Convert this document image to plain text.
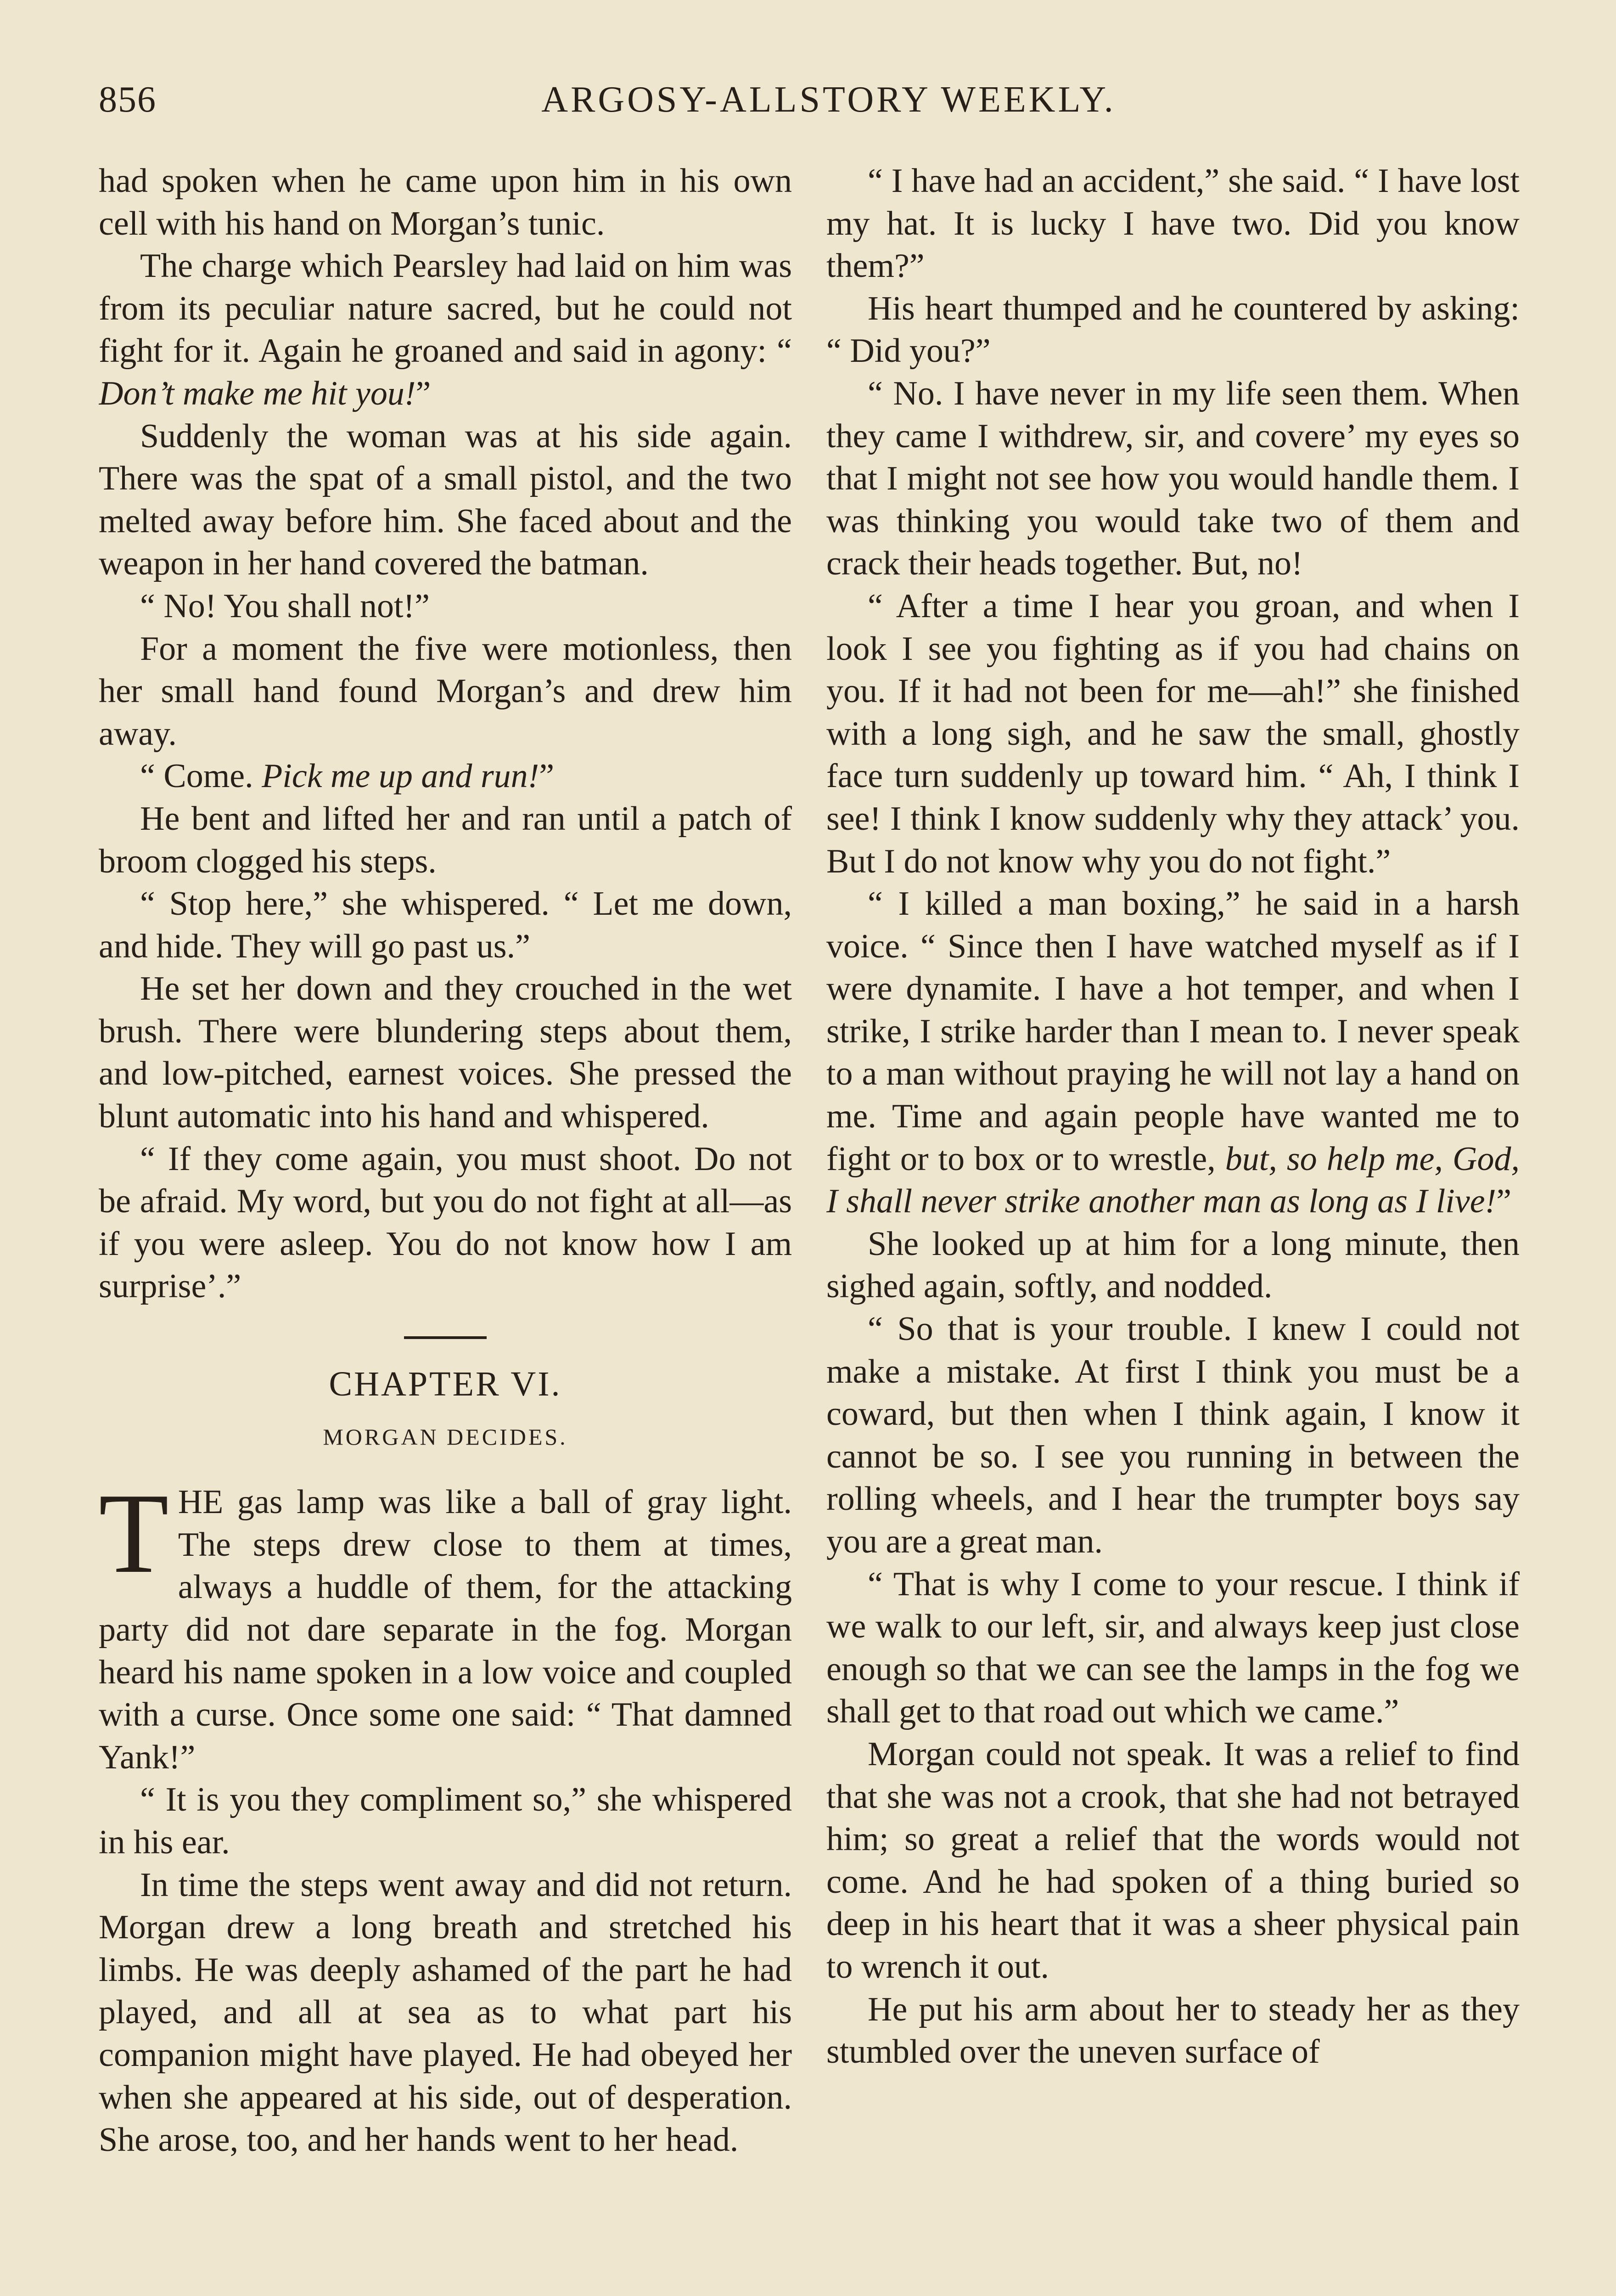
856	ARGOSY-ALLSTORY WEEKLY.

had spoken when he came upon him in his own cell with his hand on Morgan’s tunic.

The charge which Pearsley had laid on him was from its peculiar nature sacred, but he could not fight for it. Again he groaned and said in agony: “ Don’t make me hit you!”

Suddenly the woman was at his side again. There was the spat of a small pistol, and the two melted away before him. She faced about and the weapon in her hand covered the batman.

“ No! You shall not!”

For a moment the five were motionless, then her small hand found Morgan’s and drew him away.

“ Come. Pick me up and run!”

He bent and lifted her and ran until a patch of broom clogged his steps.

“ Stop here,” she whispered. “ Let me down, and hide. They will go past us.”

He set her down and they crouched in the wet brush. There were blundering steps about them, and low-pitched, earnest voices. She pressed the blunt automatic into his hand and whispered.

“ If they come again, you must shoot. Do not be afraid. My word, but you do not fight at all—as if you were asleep. You do not know how I am surprise’.”

CHAPTER VI.
MORGAN DECIDES.

THE gas lamp was like a ball of gray light. The steps drew close to them at times, always a huddle of them, for the attacking party did not dare separate in the fog. Morgan heard his name spoken in a low voice and coupled with a curse. Once some one said: “ That damned Yank!”

“ It is you they compliment so,” she whispered in his ear.

In time the steps went away and did not return. Morgan drew a long breath and stretched his limbs. He was deeply ashamed of the part he had played, and all at sea as to what part his companion might have played. He had obeyed her when she appeared at his side, out of desperation. She arose, too, and her hands went to her head.

“ I have had an accident,” she said. “ I have lost my hat. It is lucky I have two. Did you know them?”

His heart thumped and he countered by asking: “ Did you?”

“ No. I have never in my life seen them. When they came I withdrew, sir, and covere’ my eyes so that I might not see how you would handle them. I was thinking you would take two of them and crack their heads together. But, no!

“ After a time I hear you groan, and when I look I see you fighting as if you had chains on you. If it had not been for me—ah!” she finished with a long sigh, and he saw the small, ghostly face turn suddenly up toward him. “ Ah, I think I see! I think I know suddenly why they attack’ you. But I do not know why you do not fight.”

“ I killed a man boxing,” he said in a harsh voice. “ Since then I have watched myself as if I were dynamite. I have a hot temper, and when I strike, I strike harder than I mean to. I never speak to a man without praying he will not lay a hand on me. Time and again people have wanted me to fight or to box or to wrestle, but, so help me, God, I shall never strike another man as long as I live!”

She looked up at him for a long minute, then sighed again, softly, and nodded.

“ So that is your trouble. I knew I could not make a mistake. At first I think you must be a coward, but then when I think again, I know it cannot be so. I see you running in between the rolling wheels, and I hear the trumpter boys say you are a great man.

“ That is why I come to your rescue. I think if we walk to our left, sir, and always keep just close enough so that we can see the lamps in the fog we shall get to that road out which we came.”

Morgan could not speak. It was a relief to find that she was not a crook, that she had not betrayed him; so great a relief that the words would not come. And he had spoken of a thing buried so deep in his heart that it was a sheer physical pain to wrench it out.

He put his arm about her to steady her as they stumbled over the uneven surface of
